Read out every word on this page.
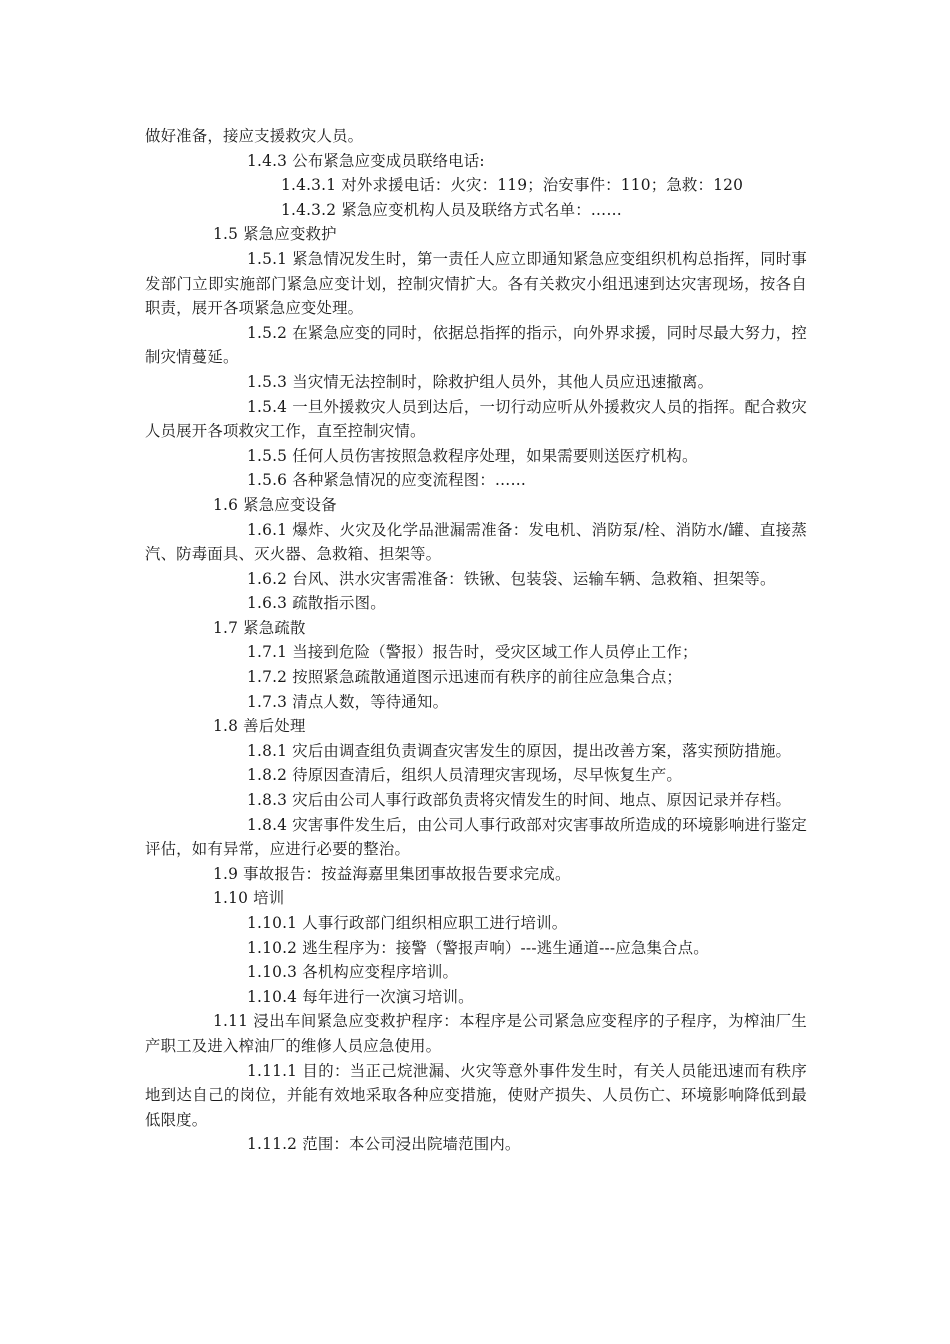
做好准备，接应支援救灾人员。
1.4.3 公布紧急应变成员联络电话:
1.4.3.1 对外求援电话：火灾：119；治安事件：110；急救：120
1.4.3.2 紧急应变机构人员及联络方式名单：……
1.5 紧急应变救护
1.5.1 紧急情况发生时，第一责任人应立即通知紧急应变组织机构总指挥，同时事发部门立即实施部门紧急应变计划，控制灾情扩大。各有关救灾小组迅速到达灾害现场，按各自职责，展开各项紧急应变处理。
1.5.2 在紧急应变的同时，依据总指挥的指示，向外界求援，同时尽最大努力，控制灾情蔓延。
1.5.3 当灾情无法控制时，除救护组人员外，其他人员应迅速撤离。
1.5.4 一旦外援救灾人员到达后，一切行动应听从外援救灾人员的指挥。配合救灾人员展开各项救灾工作，直至控制灾情。
1.5.5 任何人员伤害按照急救程序处理，如果需要则送医疗机构。
1.5.6 各种紧急情况的应变流程图：……
1.6 紧急应变设备
1.6.1 爆炸、火灾及化学品泄漏需准备：发电机、消防泵/栓、消防水/罐、直接蒸汽、防毒面具、灭火器、急救箱、担架等。
1.6.2 台风、洪水灾害需准备：铁锹、包装袋、运输车辆、急救箱、担架等。
1.6.3 疏散指示图。
1.7 紧急疏散
1.7.1 当接到危险（警报）报告时，受灾区域工作人员停止工作；
1.7.2 按照紧急疏散通道图示迅速而有秩序的前往应急集合点；
1.7.3 清点人数，等待通知。
1.8 善后处理
1.8.1 灾后由调查组负责调查灾害发生的原因，提出改善方案，落实预防措施。
1.8.2 待原因查清后，组织人员清理灾害现场，尽早恢复生产。
1.8.3 灾后由公司人事行政部负责将灾情发生的时间、地点、原因记录并存档。
1.8.4 灾害事件发生后，由公司人事行政部对灾害事故所造成的环境影响进行鉴定评估，如有异常，应进行必要的整治。
1.9 事故报告：按益海嘉里集团事故报告要求完成。
1.10 培训
1.10.1 人事行政部门组织相应职工进行培训。
1.10.2 逃生程序为：接警（警报声响）---逃生通道---应急集合点。
1.10.3 各机构应变程序培训。
1.10.4 每年进行一次演习培训。
1.11 浸出车间紧急应变救护程序：本程序是公司紧急应变程序的子程序，为榨油厂生产职工及进入榨油厂的维修人员应急使用。
1.11.1 目的：当正己烷泄漏、火灾等意外事件发生时，有关人员能迅速而有秩序地到达自己的岗位，并能有效地采取各种应变措施，使财产损失、人员伤亡、环境影响降低到最低限度。
1.11.2 范围：本公司浸出院墙范围内。
